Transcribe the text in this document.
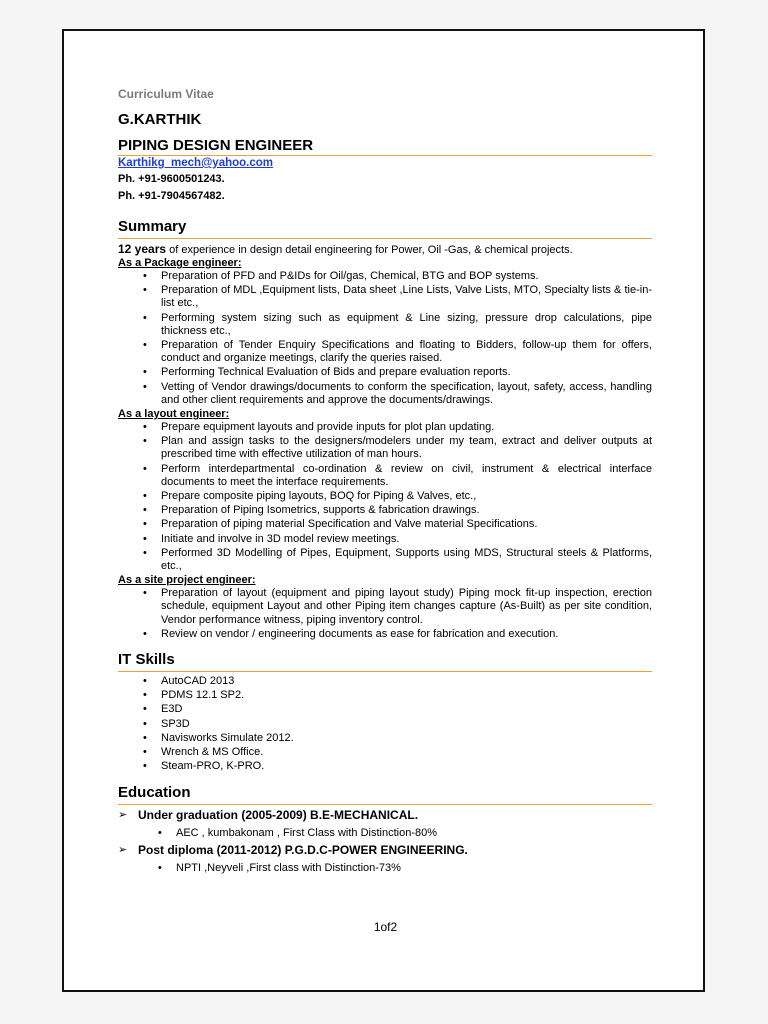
Curriculum Vitae
G.KARTHIK
PIPING DESIGN ENGINEER
Karthikg_mech@yahoo.com
Ph. +91-9600501243.
Ph. +91-7904567482.
Summary
12 years of experience in design detail engineering for Power, Oil -Gas, & chemical projects.
As a Package engineer:
• Preparation of PFD and P&IDs for Oil/gas, Chemical, BTG and BOP systems.
• Preparation of MDL ,Equipment lists, Data sheet ,Line Lists, Valve Lists, MTO, Specialty lists & tie-in-list etc.,
• Performing system sizing such as equipment & Line sizing, pressure drop calculations, pipe thickness etc.,
• Preparation of Tender Enquiry Specifications and floating to Bidders, follow-up them for offers, conduct and organize meetings, clarify the queries raised.
• Performing Technical Evaluation of Bids and prepare evaluation reports.
• Vetting of Vendor drawings/documents to conform the specification, layout, safety, access, handling and other client requirements and approve the documents/drawings.
As a layout engineer:
• Prepare equipment layouts and provide inputs for plot plan updating.
• Plan and assign tasks to the designers/modelers under my team, extract and deliver outputs at prescribed time with effective utilization of man hours.
• Perform interdepartmental co-ordination & review on civil, instrument & electrical interface documents to meet the interface requirements.
• Prepare composite piping layouts, BOQ for Piping & Valves, etc.,
• Preparation of Piping Isometrics, supports & fabrication drawings.
• Preparation of piping material Specification and Valve material Specifications.
• Initiate and involve in 3D model review meetings.
• Performed 3D Modelling of Pipes, Equipment, Supports using MDS, Structural steels & Platforms, etc.,
As a site project engineer:
• Preparation of layout (equipment and piping layout study) Piping mock fit-up inspection, erection schedule, equipment Layout and other Piping item changes capture (As-Built) as per site condition, Vendor performance witness, piping inventory control.
• Review on vendor / engineering documents as ease for fabrication and execution.
IT Skills
• AutoCAD 2013
• PDMS 12.1 SP2.
• E3D
• SP3D
• Navisworks Simulate 2012.
• Wrench & MS Office.
• Steam-PRO, K-PRO.
Education
➢ Under graduation (2005-2009) B.E-MECHANICAL.
• AEC , kumbakonam , First Class with Distinction-80%
➢ Post diploma (2011-2012) P.G.D.C-POWER ENGINEERING.
• NPTI ,Neyveli ,First class with Distinction-73%
1of2
